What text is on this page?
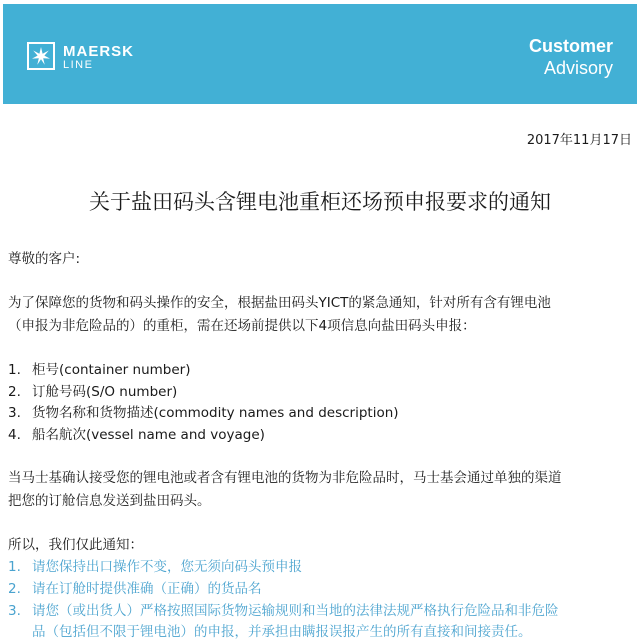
MAERSK
LINE
Customer
Advisory
2017年11月17日
关于盐田码头含锂电池重柜还场预申报要求的通知
尊敬的客户:
为了保障您的货物和码头操作的安全，根据盐田码头YICT的紧急通知，针对所有含有锂电池
（申报为非危险品的）的重柜，需在还场前提供以下4项信息向盐田码头申报：
1. 柜号(container number)
2. 订舱号码(S/O number)
3. 货物名称和货物描述(commodity names and description)
4. 船名航次(vessel name and voyage)
当马士基确认接受您的锂电池或者含有锂电池的货物为非危险品时，马士基会通过单独的渠道
把您的订舱信息发送到盐田码头。
所以，我们仅此通知：
1. 请您保持出口操作不变，您无须向码头预申报
2. 请在订舱时提供准确（正确）的货品名
3. 请您（或出货人）严格按照国际货物运输规则和当地的法律法规严格执行危险品和非危险
品（包括但不限于锂电池）的申报，并承担由瞒报误报产生的所有直接和间接责任。
